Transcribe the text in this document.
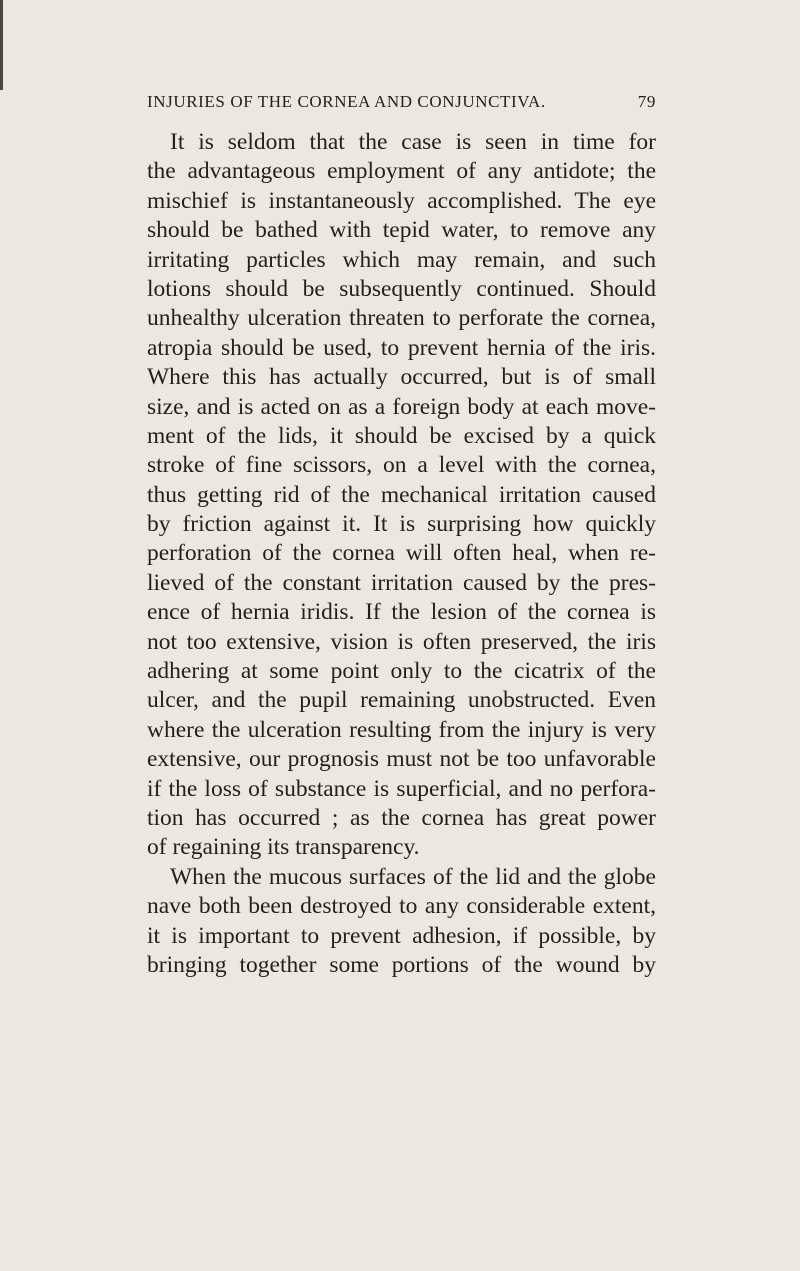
INJURIES OF THE CORNEA AND CONJUNCTIVA.	79
It is seldom that the case is seen in time for
the advantageous employment of any antidote; the
mischief is instantaneously accomplished. The eye
should be bathed with tepid water, to remove any
irritating particles which may remain, and such
lotions should be subsequently continued. Should
unhealthy ulceration threaten to perforate the cornea,
atropia should be used, to prevent hernia of the iris.
Where this has actually occurred, but is of small
size, and is acted on as a foreign body at each move-
ment of the lids, it should be excised by a quick
stroke of fine scissors, on a level with the cornea,
thus getting rid of the mechanical irritation caused
by friction against it. It is surprising how quickly
perforation of the cornea will often heal, when re-
lieved of the constant irritation caused by the pres-
ence of hernia iridis. If the lesion of the cornea is
not too extensive, vision is often preserved, the iris
adhering at some point only to the cicatrix of the
ulcer, and the pupil remaining unobstructed. Even
where the ulceration resulting from the injury is very
extensive, our prognosis must not be too unfavorable
if the loss of substance is superficial, and no perfora-
tion has occurred ; as the cornea has great power
of regaining its transparency.
When the mucous surfaces of the lid and the globe
nave both been destroyed to any considerable extent,
it is important to prevent adhesion, if possible, by
bringing together some portions of the wound by
